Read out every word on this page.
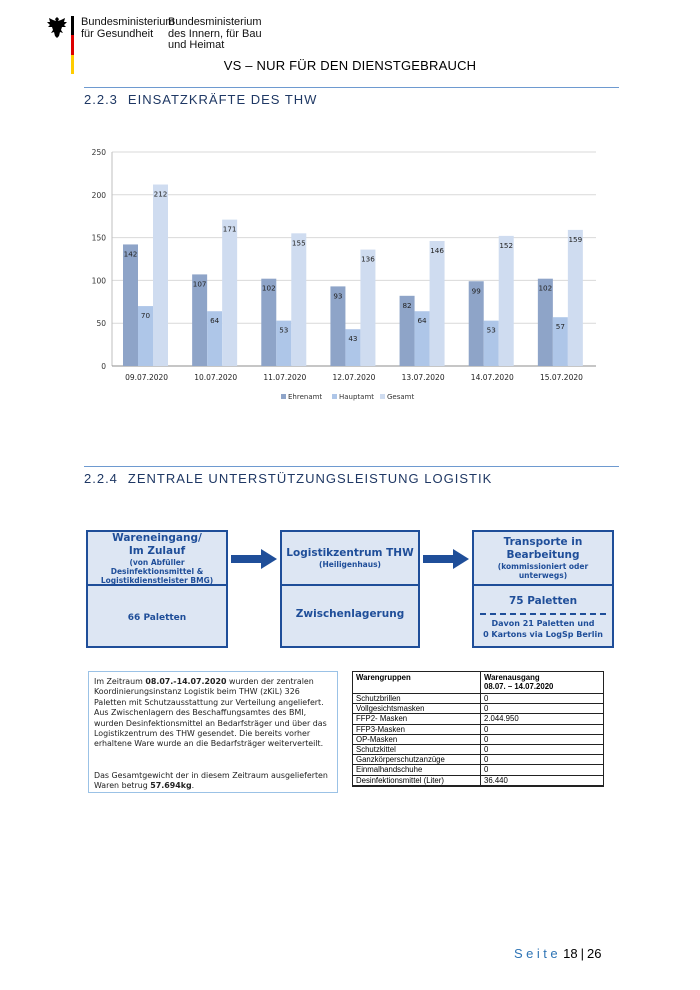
Bundesministerium
für Gesundheit
Bundesministerium
des Innern, für Bau
und Heimat
VS – NUR FÜR DEN DIENSTGEBRAUCH
2.2.3 EINSATZKRÄFTE DES THW
0
50
100
150
200
250
142
70
212
09.07.2020
107
64
171
10.07.2020
102
53
155
11.07.2020
93
43
136
12.07.2020
82
64
146
13.07.2020
99
53
152
14.07.2020
102
57
159
15.07.2020
Ehrenamt Hauptamt Gesamt
2.2.4 ZENTRALE UNTERSTÜTZUNGSLEISTUNG LOGISTIK
Wareneingang/
Im Zulauf
(von Abfüller Desinfektionsmittel &
Logistikdienstleister BMG)
66 Paletten
Logistikzentrum THW
(Heiligenhaus)
Zwischenlagerung
Transporte in
Bearbeitung
(kommissioniert oder unterwegs)
75 Paletten
Davon 21 Paletten und
0 Kartons via LogSp Berlin

Im Zeitraum 08.07.-14.07.2020 wurden der zentralen Koordinierungsinstanz Logistik beim THW (zKiL) 326 Paletten mit Schutzausstattung zur Verteilung angeliefert. Aus Zwischenlagern des Beschaffungsamtes des BMI, wurden Desinfektionsmittel an Bedarfsträger und über das Logistikzentrum des THW gesendet. Die bereits vorher erhaltene Ware wurde an die Bedarfsträger weiterverteilt.

Das Gesamtgewicht der in diesem Zeitraum ausgelieferten Waren betrug 57.694kg.

Warengruppen	Warenausgang
08.07. – 14.07.2020

Schutzbrillen	0
Vollgesichtsmasken	0
FFP2- Masken	2.044.950
FFP3-Masken	0
OP-Masken	0
Schutzkittel	0
Ganzkörperschutzanzüge	0
Einmalhandschuhe	0
Desinfektionsmittel (Liter)	36.440
Seite 18 | 26
